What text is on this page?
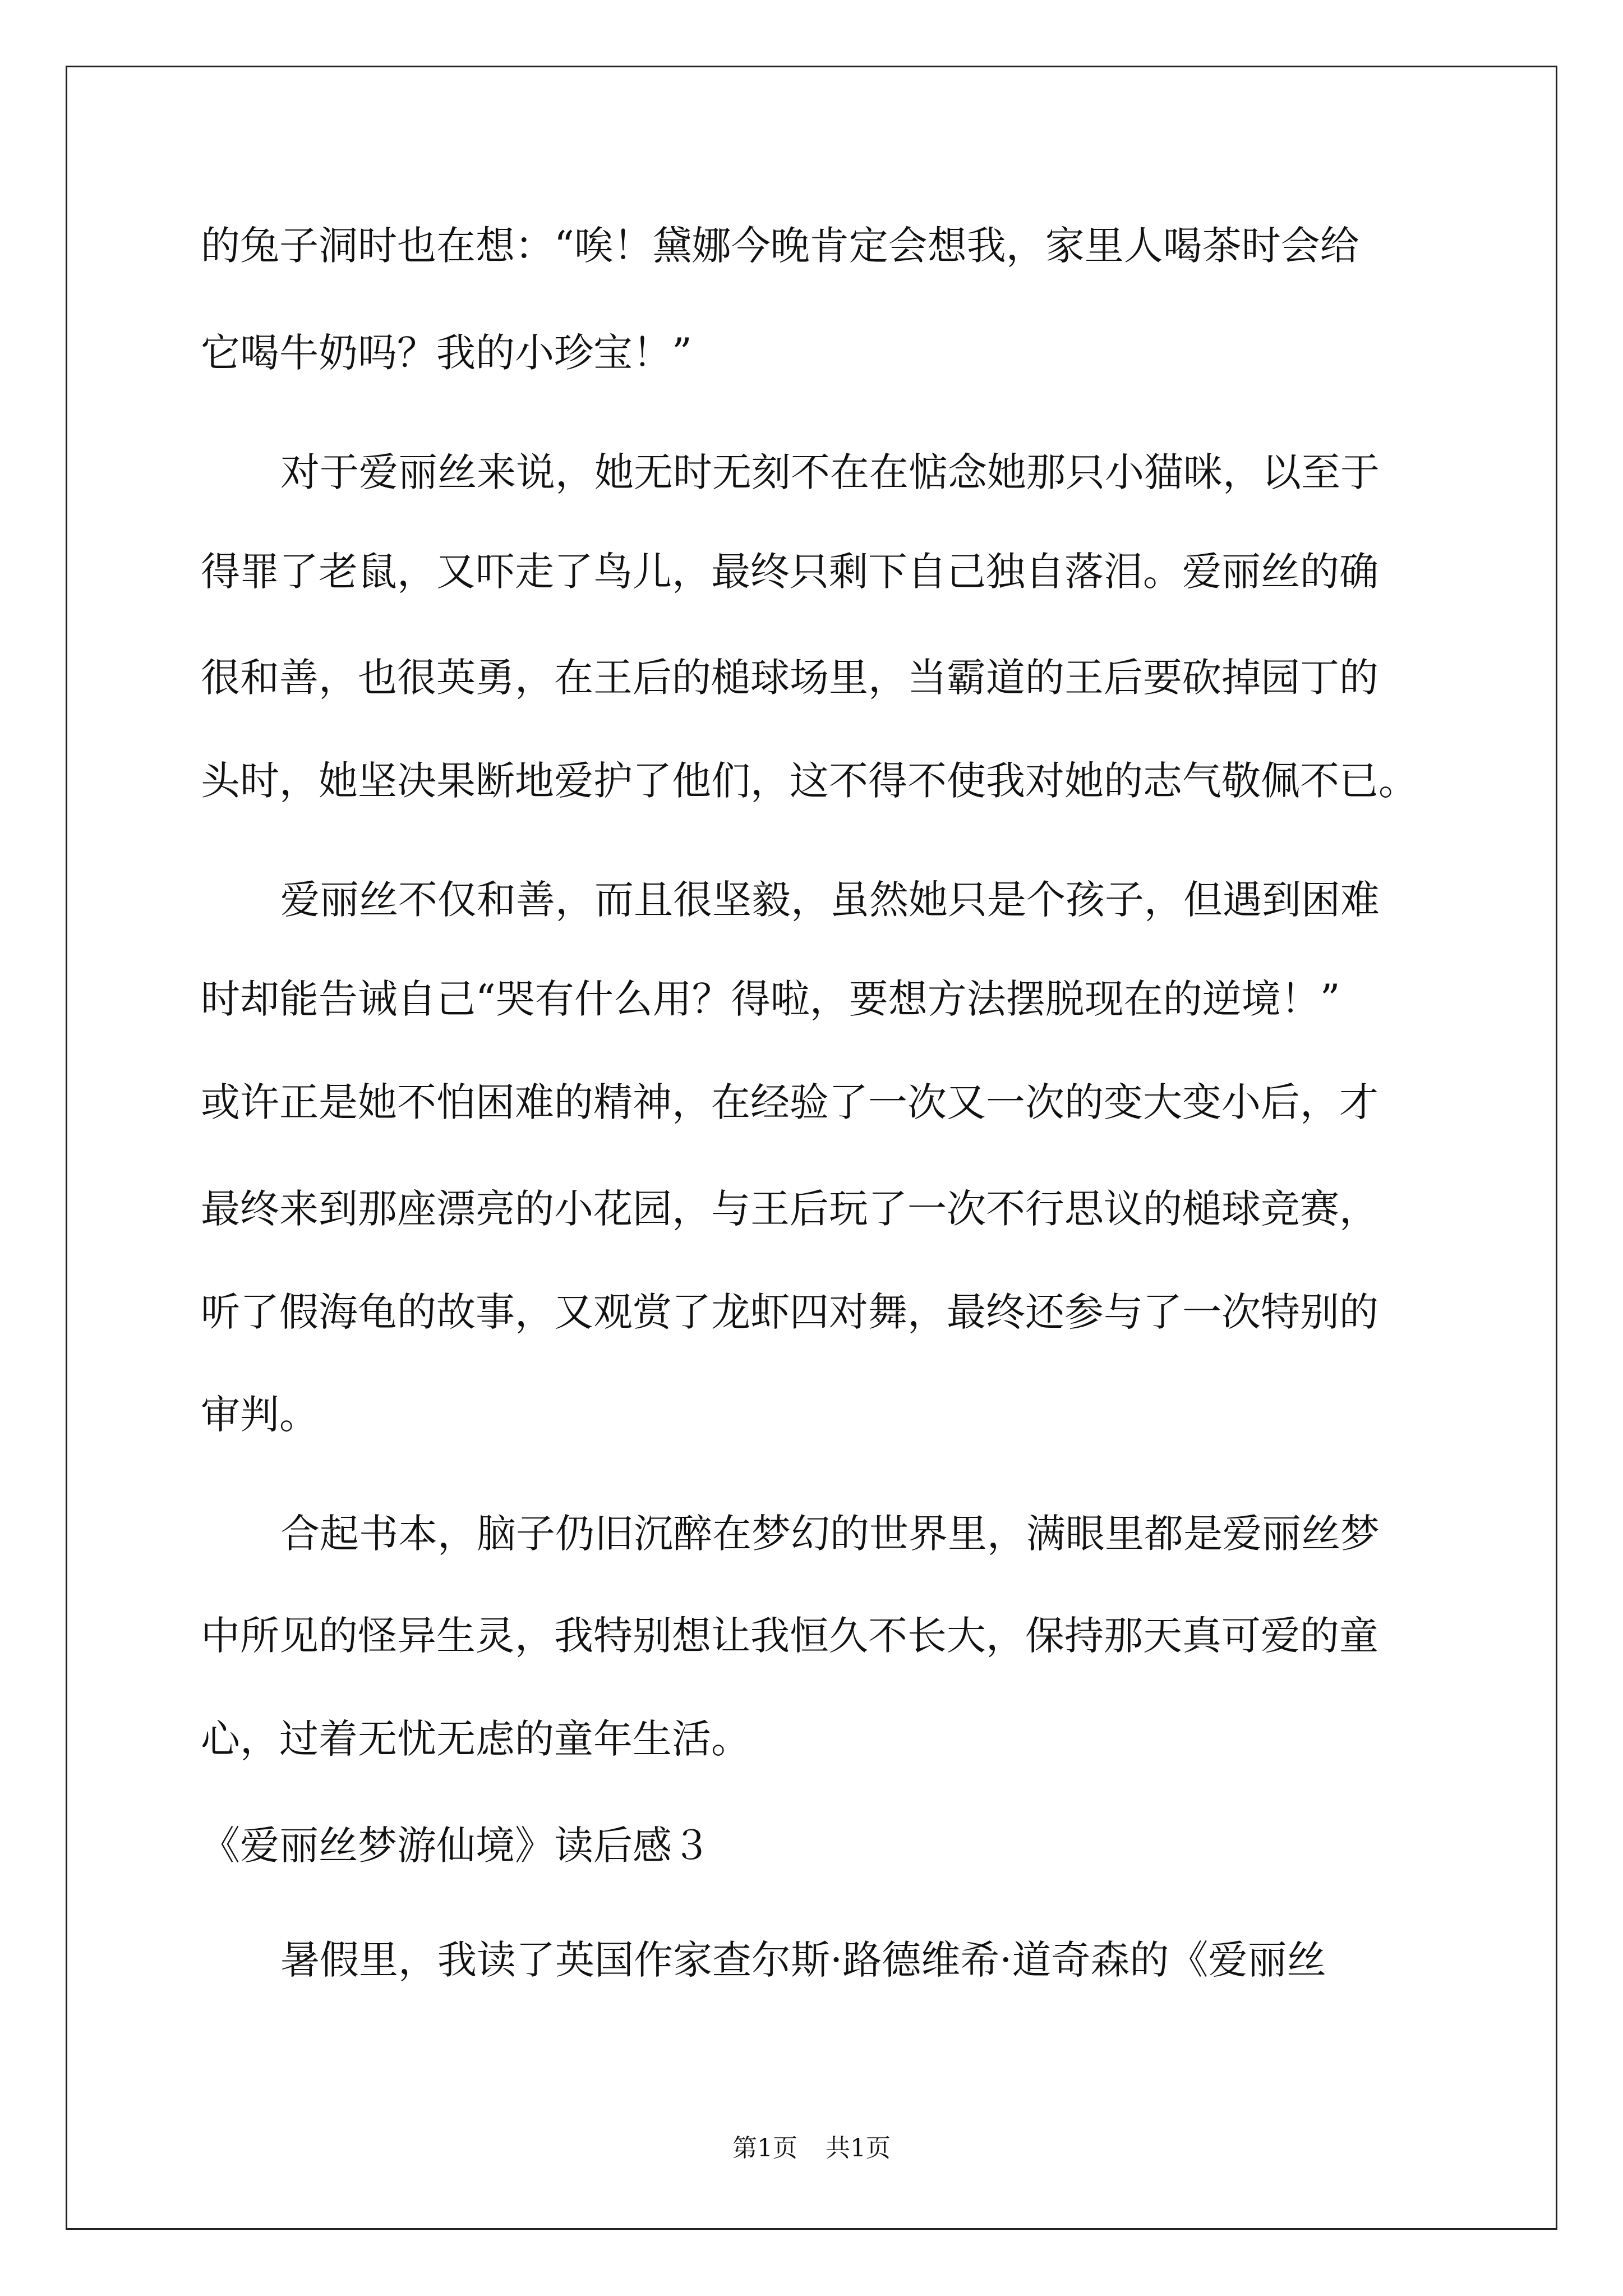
的兔子洞时也在想：“唉！黛娜今晚肯定会想我，家里人喝茶时会给
它喝牛奶吗？我的小珍宝！”
对于爱丽丝来说，她无时无刻不在在惦念她那只小猫咪，以至于
得罪了老鼠，又吓走了鸟儿，最终只剩下自己独自落泪。爱丽丝的确
很和善，也很英勇，在王后的槌球场里，当霸道的王后要砍掉园丁的
头时，她坚决果断地爱护了他们，这不得不使我对她的志气敬佩不已。
爱丽丝不仅和善，而且很坚毅，虽然她只是个孩子，但遇到困难
时却能告诫自己“哭有什么用？得啦，要想方法摆脱现在的逆境！”
或许正是她不怕困难的精神，在经验了一次又一次的变大变小后，才
最终来到那座漂亮的小花园，与王后玩了一次不行思议的槌球竞赛，
听了假海龟的故事，又观赏了龙虾四对舞，最终还参与了一次特别的
审判。
合起书本，脑子仍旧沉醉在梦幻的世界里，满眼里都是爱丽丝梦
中所见的怪异生灵，我特别想让我恒久不长大，保持那天真可爱的童
心，过着无忧无虑的童年生活。
《爱丽丝梦游仙境》读后感３
暑假里，我读了英国作家查尔斯·路德维希·道奇森的《爱丽丝
第1页 共1页
